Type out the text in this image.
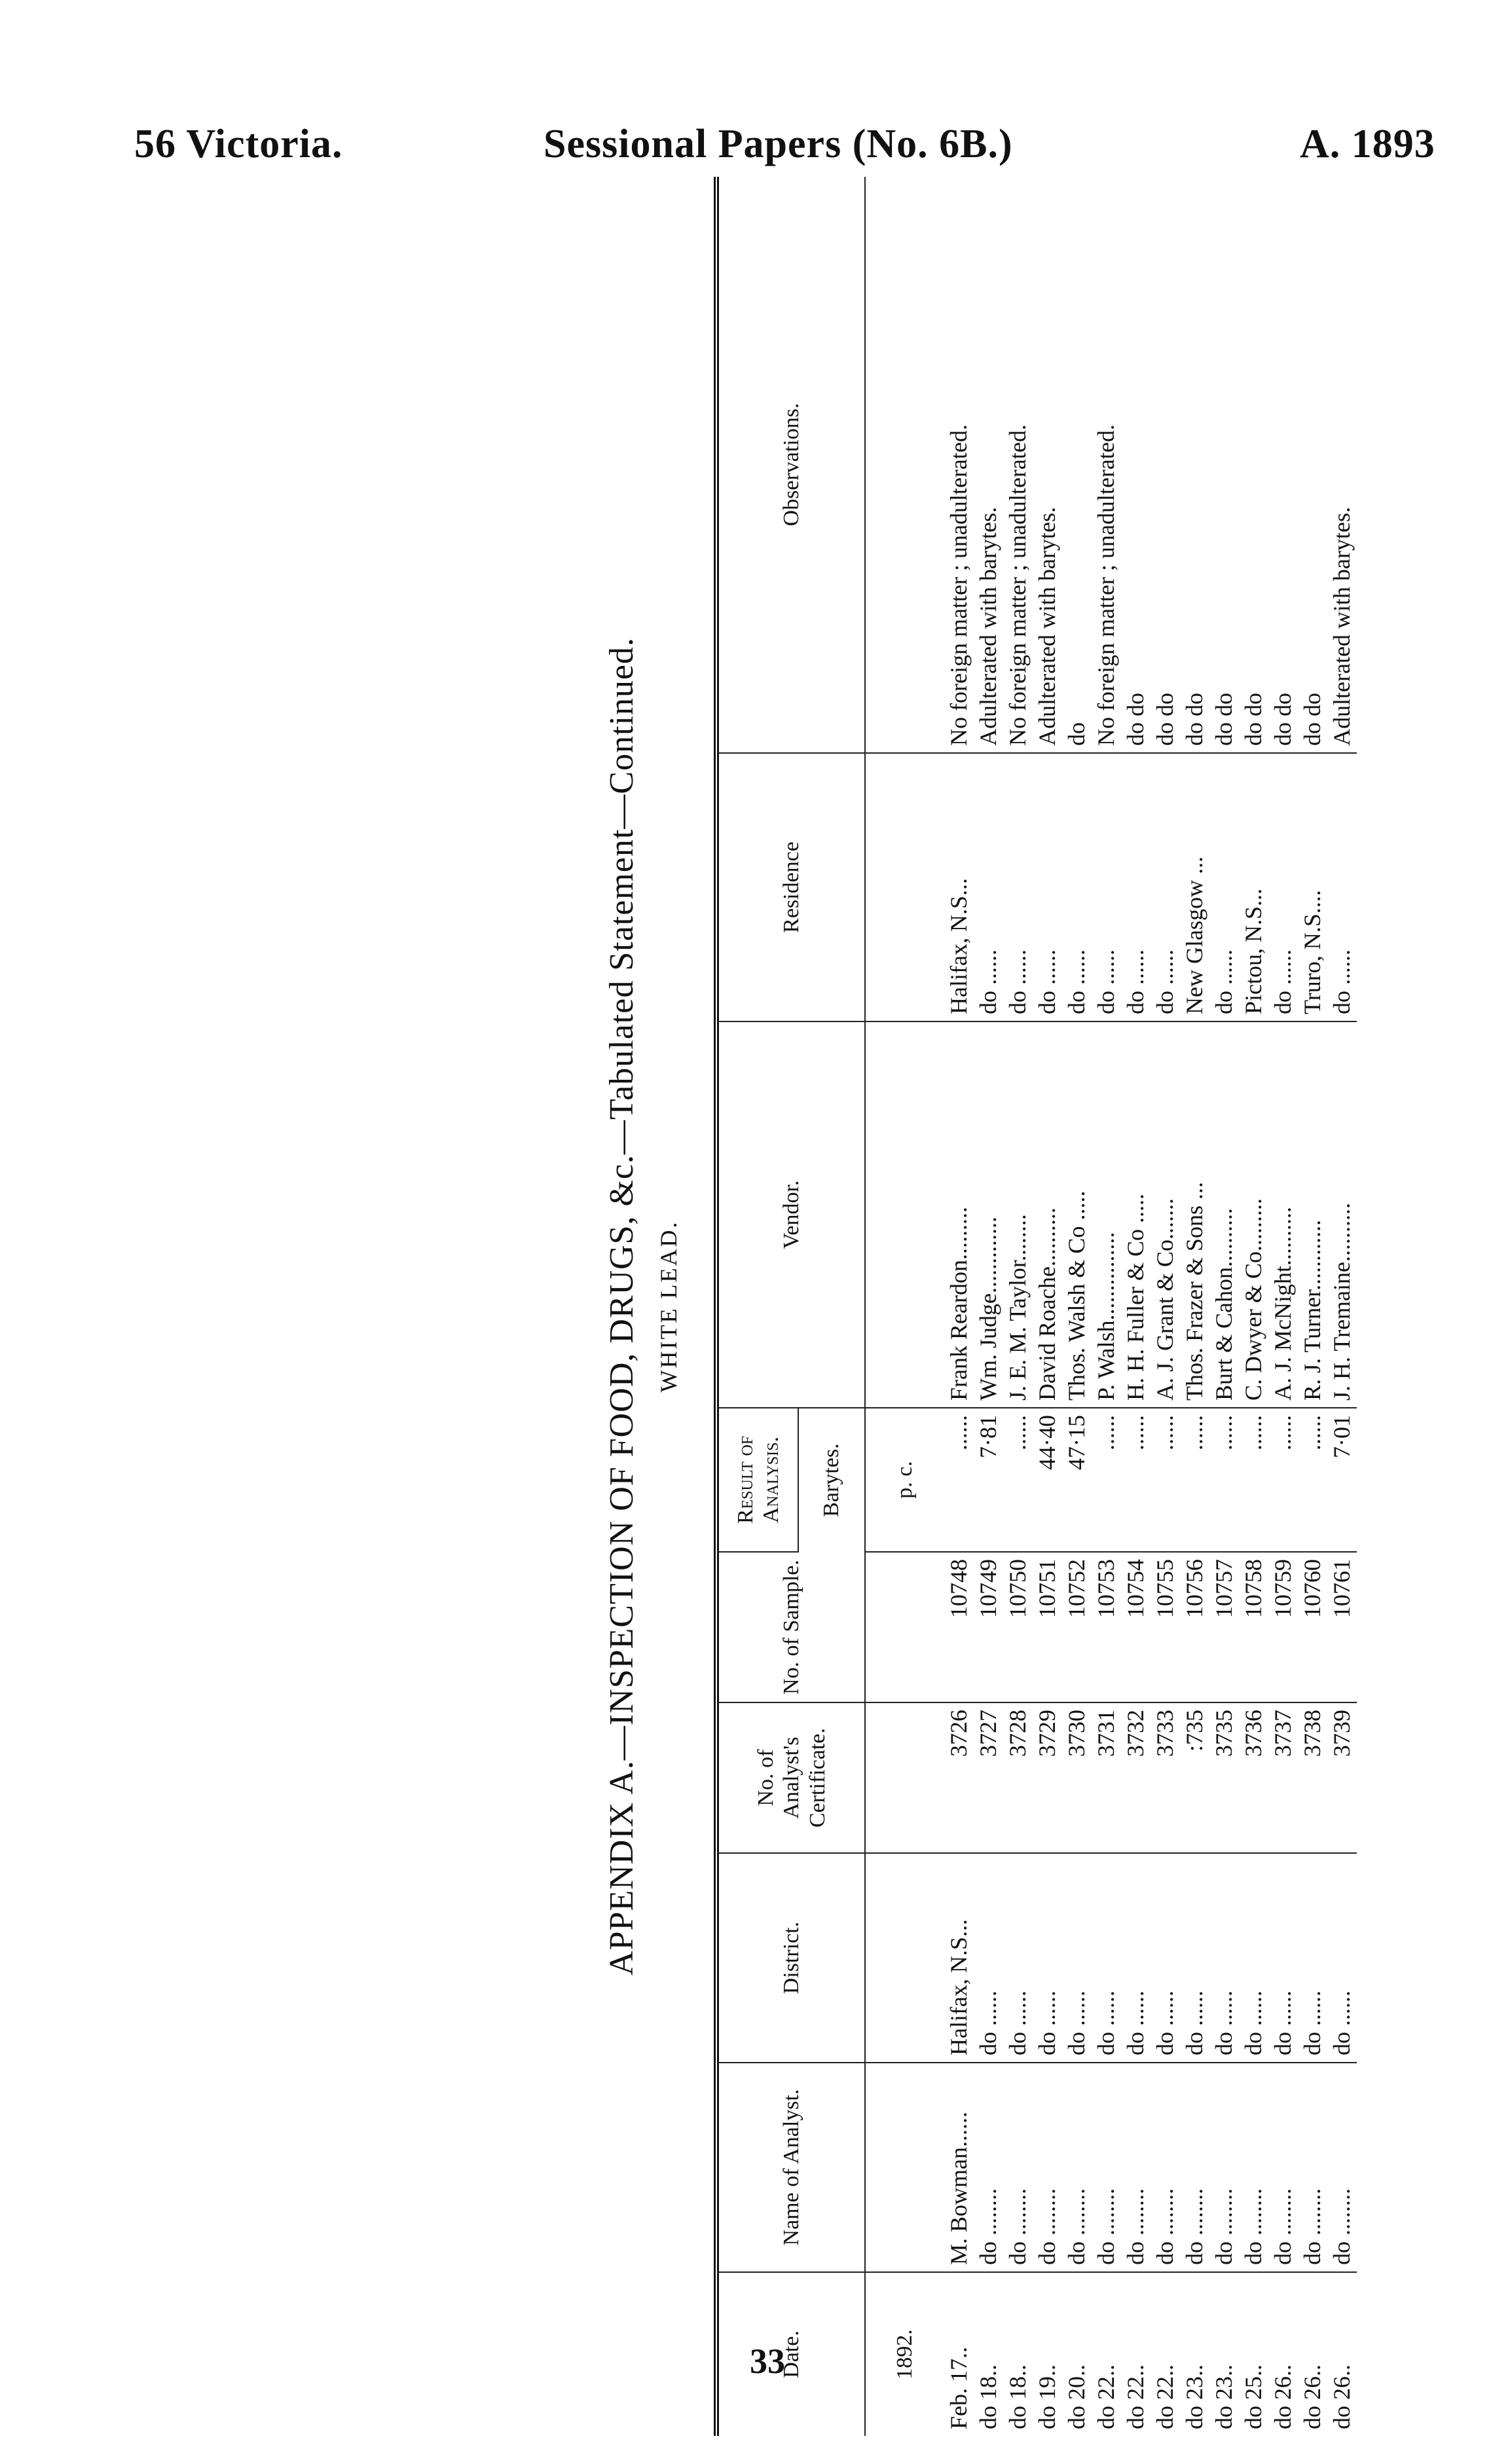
56 Victoria.	Sessional Papers (No. 6B.)	A. 1893
APPENDIX A.—INSPECTION OF FOOD, DRUGS, &c.—Tabulated Statement—Continued. WHITE LEAD.
Date.	Name of Analyst.	District.	No. of Analyst's Certificate.	No. of Sample.	Result of Analysis.	Vendor.	Residence	Observations.
					Barytes.			
1892.					p. c.			
Feb. 17..	M. Bowman......	Halifax, N.S...	3726	10748	......	Frank Reardon.........	Halifax, N.S...	No foreign matter ; unadulterated.
do 18..	do ........	do ......	3727	10749	7·81	Wm. Judge.............	do ......	Adulterated with barytes.
do 18..	do ........	do ......	3728	10750	......	J. E. M. Taylor........	do ......	No foreign matter ; unadulterated.
do 19..	do ........	do ......	3729	10751	44·40	David Roache..........	do ......	Adulterated with barytes.
do 20..	do ........	do ......	3730	10752	47·15	Thos. Walsh & Co .....	do ......	do
do 22..	do ........	do ......	3731	10753	......	P. Walsh...............	do ......	No foreign matter ; unadulterated.
do 22..	do ........	do ......	3732	10754	......	H. H. Fuller & Co .....	do ......	do do
do 22..	do ........	do ......	3733	10755	......	A. J. Grant & Co.......	do ......	do do
do 23..	do ........	do ......	:735	10756	......	Thos. Frazer & Sons ...	New Glasgow ...	do do
do 23..	do ........	do ......	3735	10757	......	Burt & Cahon..........	do ......	do do
do 25..	do ........	do ......	3736	10758	......	C. Dwyer & Co.........	Pictou, N.S...	do do
do 26..	do ........	do ......	3737	10759	......	A. J. McNight..........	do ......	do do
do 26..	do ........	do ......	3738	10760	......	R. J. Turner............	Truro, N.S....	do do
do 26..	do ........	do ......	3739	10761	7·01	J. H. Tremaine..........	do ......	Adulterated with barytes.
33
